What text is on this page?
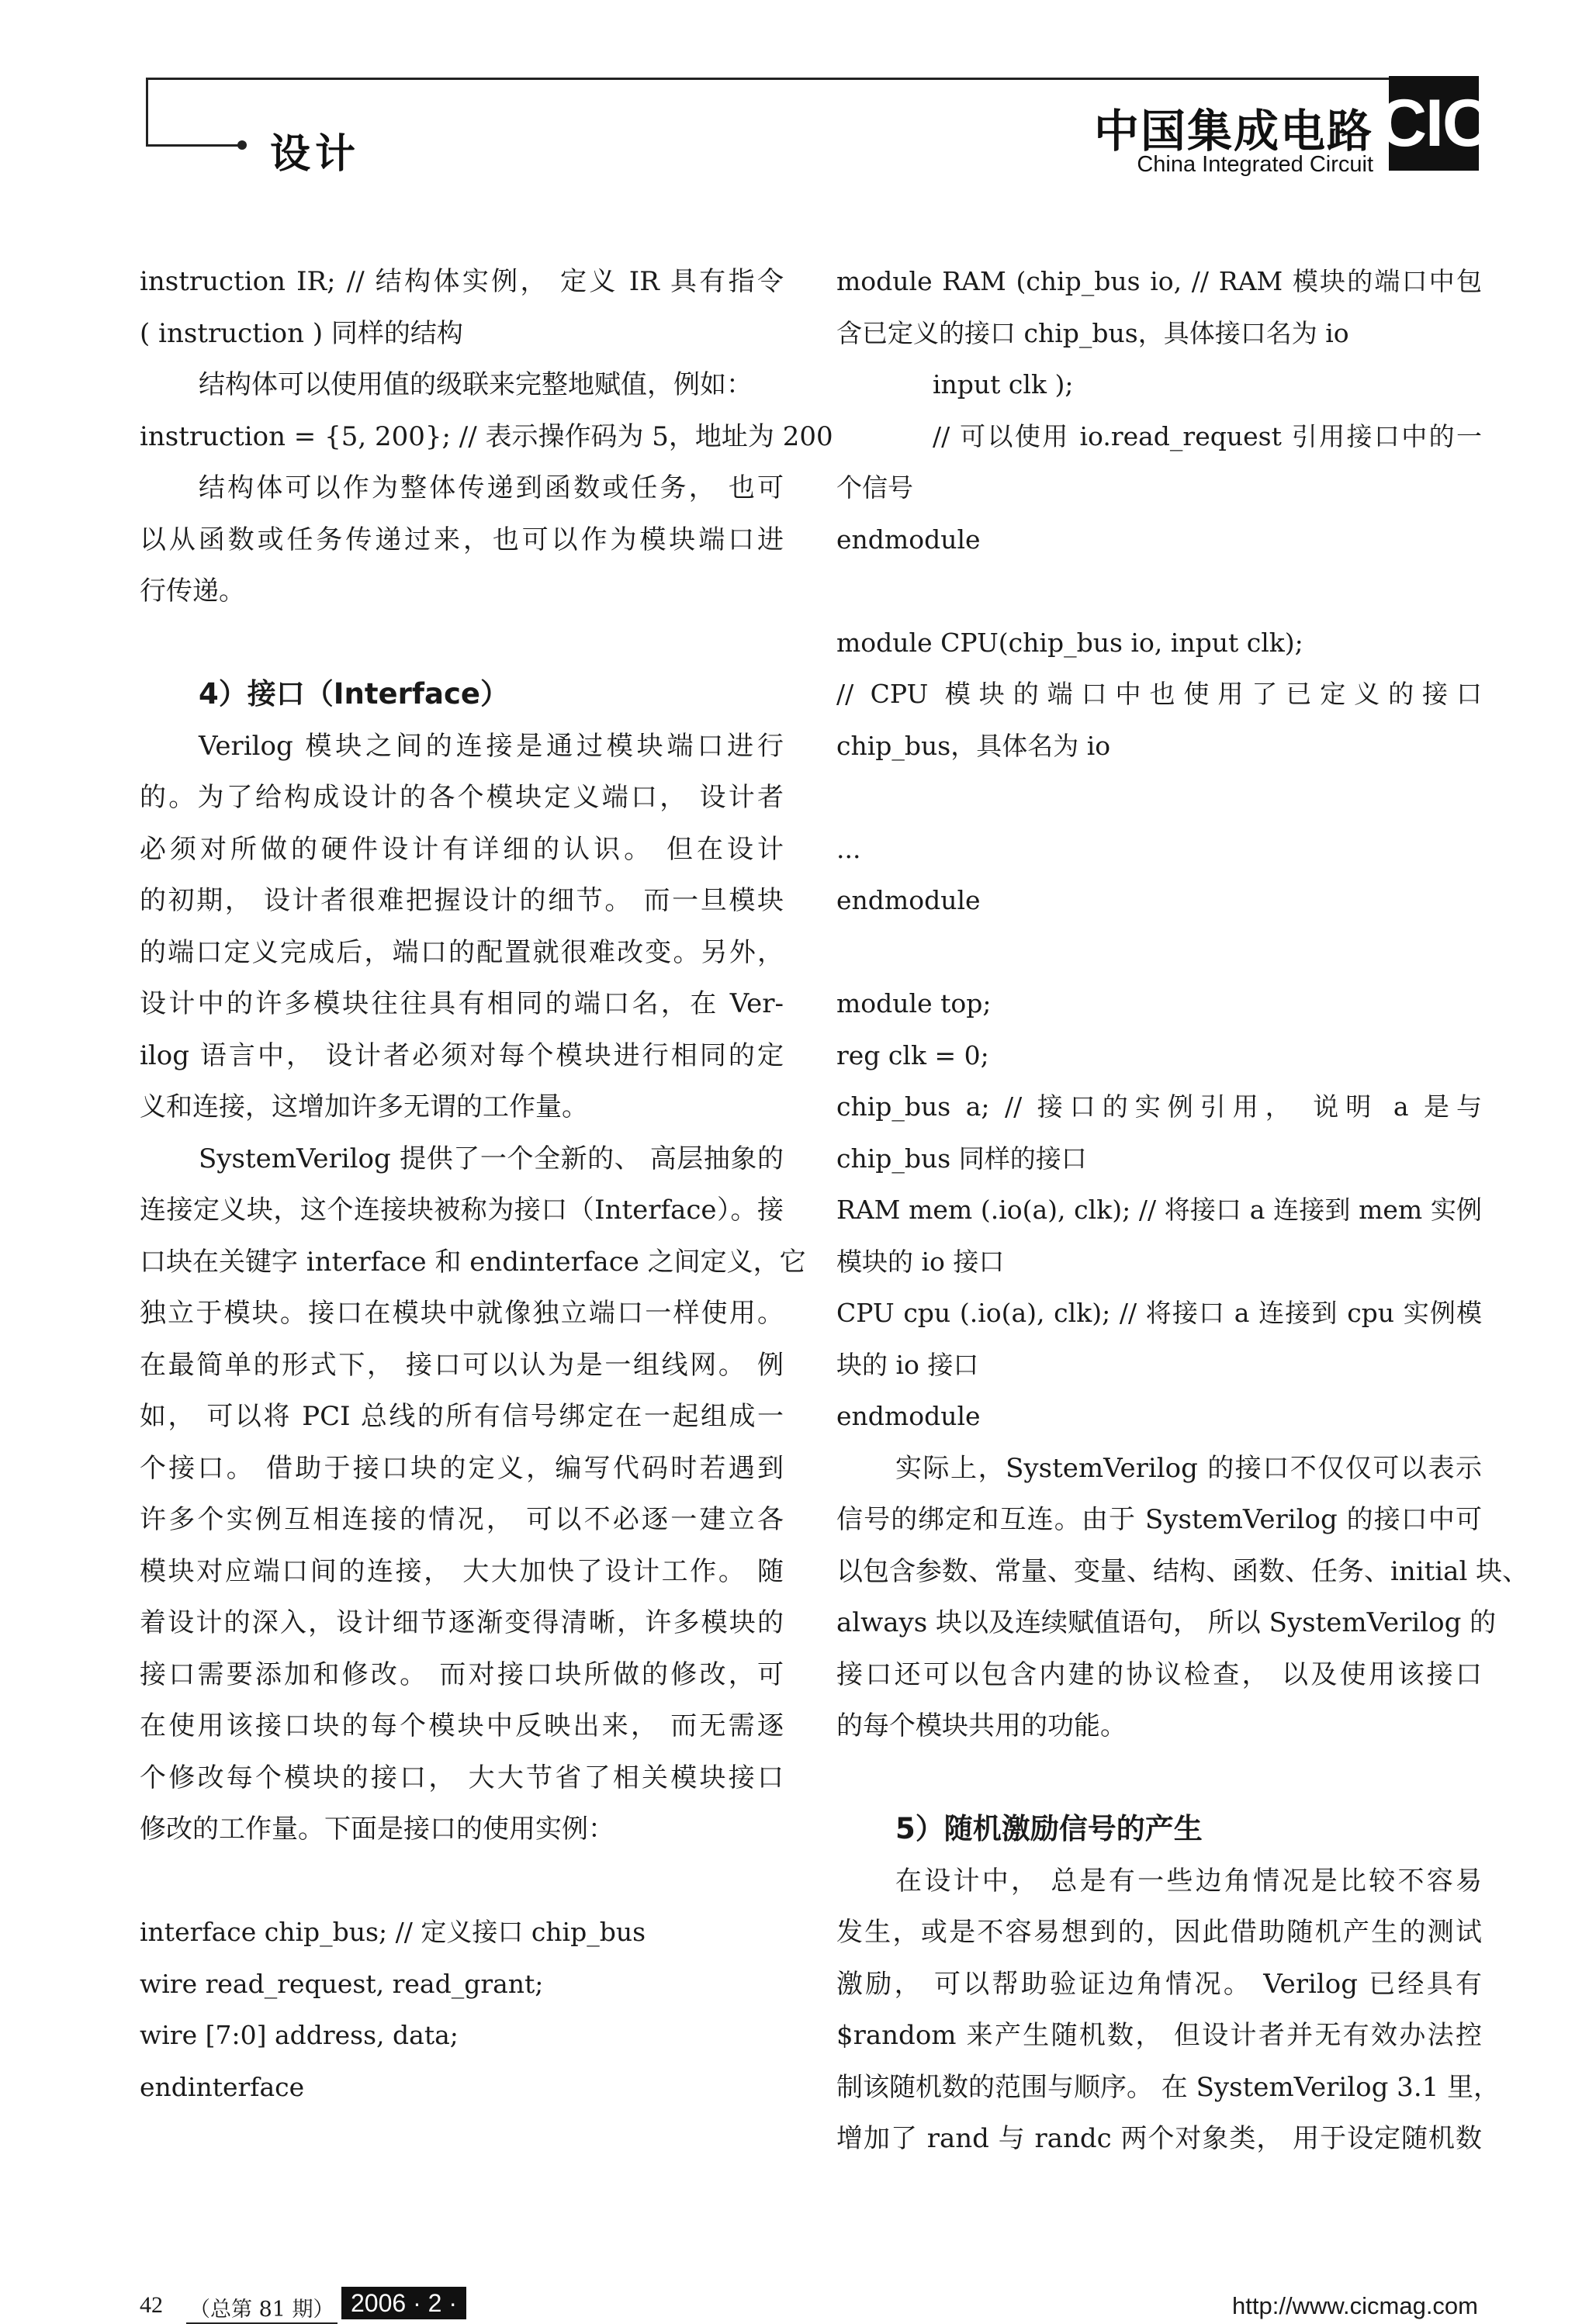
设计	中国集成电路
China Integrated Circuit
CIC
instruction IR; // 结构体实例， 定义 IR 具有指令
( instruction ) 同样的结构
结构体可以使用值的级联来完整地赋值，例如：
instruction = {5, 200}; // 表示操作码为 5，地址为 200
结构体可以作为整体传递到函数或任务， 也可
以从函数或任务传递过来，也可以作为模块端口进
行传递。
4）接口（Interface）
Verilog 模块之间的连接是通过模块端口进行
的。为了给构成设计的各个模块定义端口， 设计者
必须对所做的硬件设计有详细的认识。 但在设计
的初期， 设计者很难把握设计的细节。 而一旦模块
的端口定义完成后，端口的配置就很难改变。另外，
设计中的许多模块往往具有相同的端口名，在 Ver-
ilog 语言中， 设计者必须对每个模块进行相同的定
义和连接，这增加许多无谓的工作量。
SystemVerilog 提供了一个全新的、 高层抽象的
连接定义块，这个连接块被称为接口（Interface）。接
口块在关键字 interface 和 endinterface 之间定义，它
独立于模块。接口在模块中就像独立端口一样使用。
在最简单的形式下， 接口可以认为是一组线网。 例
如， 可以将 PCI 总线的所有信号绑定在一起组成一
个接口。 借助于接口块的定义，编写代码时若遇到
许多个实例互相连接的情况， 可以不必逐一建立各
模块对应端口间的连接， 大大加快了设计工作。 随
着设计的深入，设计细节逐渐变得清晰，许多模块的
接口需要添加和修改。 而对接口块所做的修改，可
在使用该接口块的每个模块中反映出来， 而无需逐
个修改每个模块的接口， 大大节省了相关模块接口
修改的工作量。下面是接口的使用实例：
interface chip_bus; // 定义接口 chip_bus
wire read_request, read_grant;
wire [7:0] address, data;
endinterface
module RAM (chip_bus io, // RAM 模块的端口中包
含已定义的接口 chip_bus，具体接口名为 io
input clk );
// 可以使用 io.read_request 引用接口中的一
个信号
endmodule
module CPU(chip_bus io, input clk);
// CPU 模块的端口中也使用了已定义的接口
chip_bus，具体名为 io
...
endmodule
module top;
reg clk = 0;
chip_bus a; // 接口的实例引用， 说明 a 是与
chip_bus 同样的接口
RAM mem (.io(a), clk); // 将接口 a 连接到 mem 实例
模块的 io 接口
CPU cpu (.io(a), clk); // 将接口 a 连接到 cpu 实例模
块的 io 接口
endmodule
实际上，SystemVerilog 的接口不仅仅可以表示
信号的绑定和互连。由于 SystemVerilog 的接口中可
以包含参数、常量、变量、结构、函数、任务、initial 块、
always 块以及连续赋值语句， 所以 SystemVerilog 的
接口还可以包含内建的协议检查， 以及使用该接口
的每个模块共用的功能。
5）随机激励信号的产生
在设计中， 总是有一些边角情况是比较不容易
发生，或是不容易想到的，因此借助随机产生的测试
激励， 可以帮助验证边角情况。 Verilog 已经具有
$random 来产生随机数， 但设计者并无有效办法控
制该随机数的范围与顺序。 在 SystemVerilog 3.1 里，
增加了 rand 与 randc 两个对象类， 用于设定随机数
42 （总第 81 期） 2006 · 2 ·	http://www.cicmag.com
